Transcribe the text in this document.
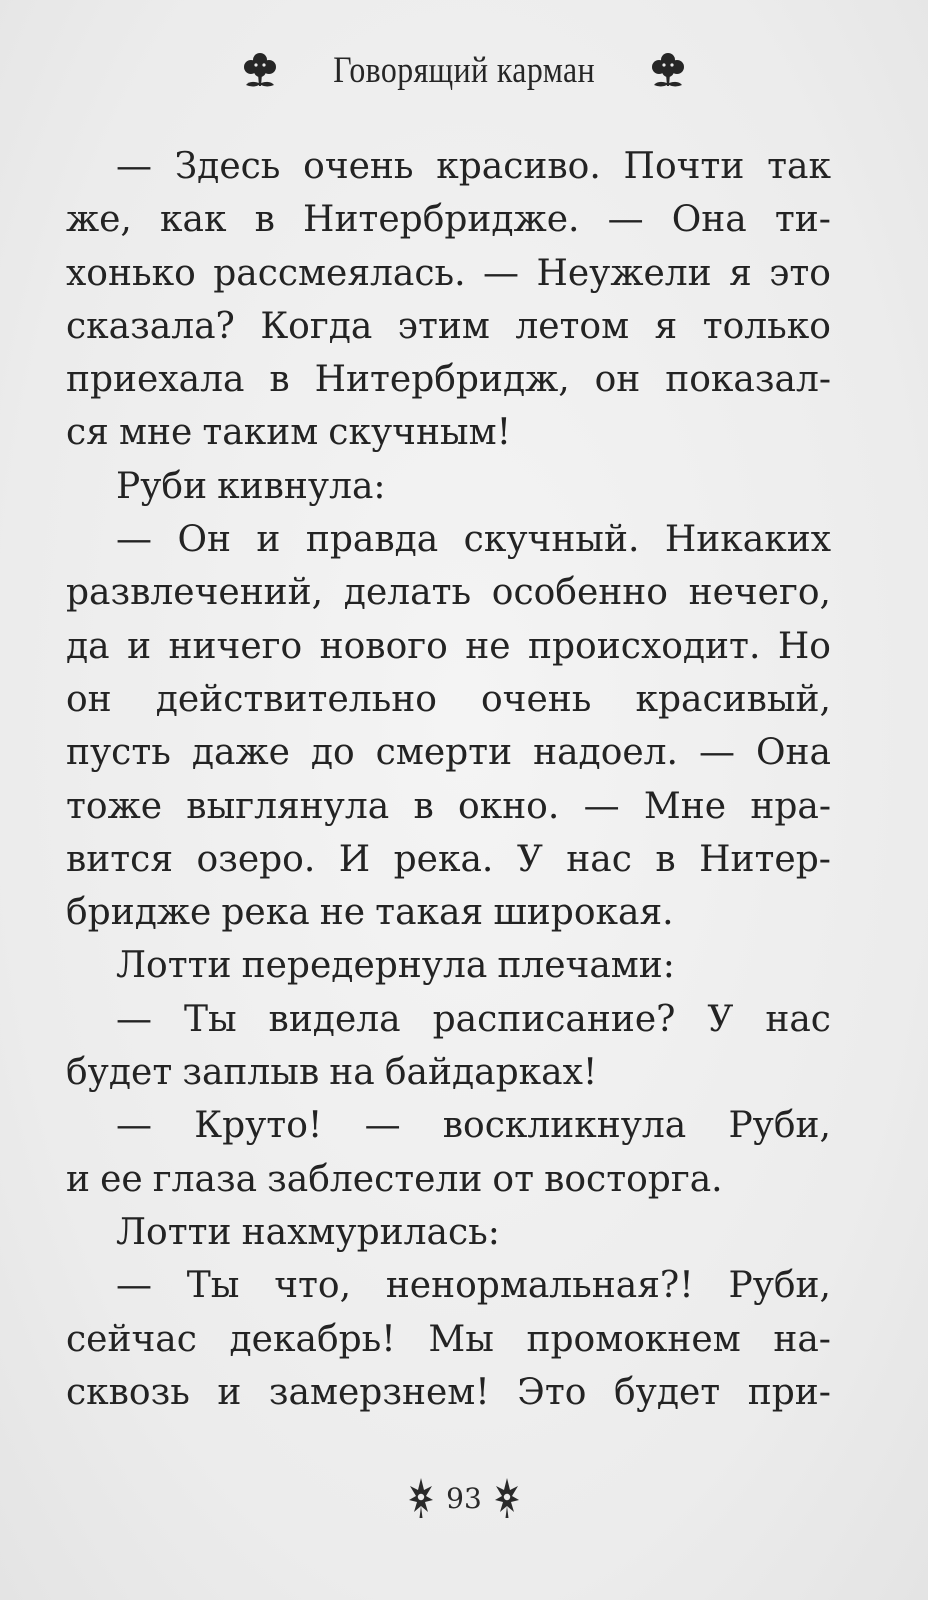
Говорящий карман
— Здесь очень красиво. Почти так
же, как в Нитербридже. — Она ти-
хонько рассмеялась. — Неужели я это
сказала? Когда этим летом я только
приехала в Нитербридж, он показал-
ся мне таким скучным!
Руби кивнула:
— Он и правда скучный. Никаких
развлечений, делать особенно нечего,
да и ничего нового не происходит. Но
он действительно очень красивый,
пусть даже до смерти надоел. — Она
тоже выглянула в окно. — Мне нра-
вится озеро. И река. У нас в Нитер-
бридже река не такая широкая.
Лотти передернула плечами:
— Ты видела расписание? У нас
будет заплыв на байдарках!
— Круто! — воскликнула Руби,
и ее глаза заблестели от восторга.
Лотти нахмурилась:
— Ты что, ненормальная?! Руби,
сейчас декабрь! Мы промокнем на-
сквозь и замерзнем! Это будет при-
93
